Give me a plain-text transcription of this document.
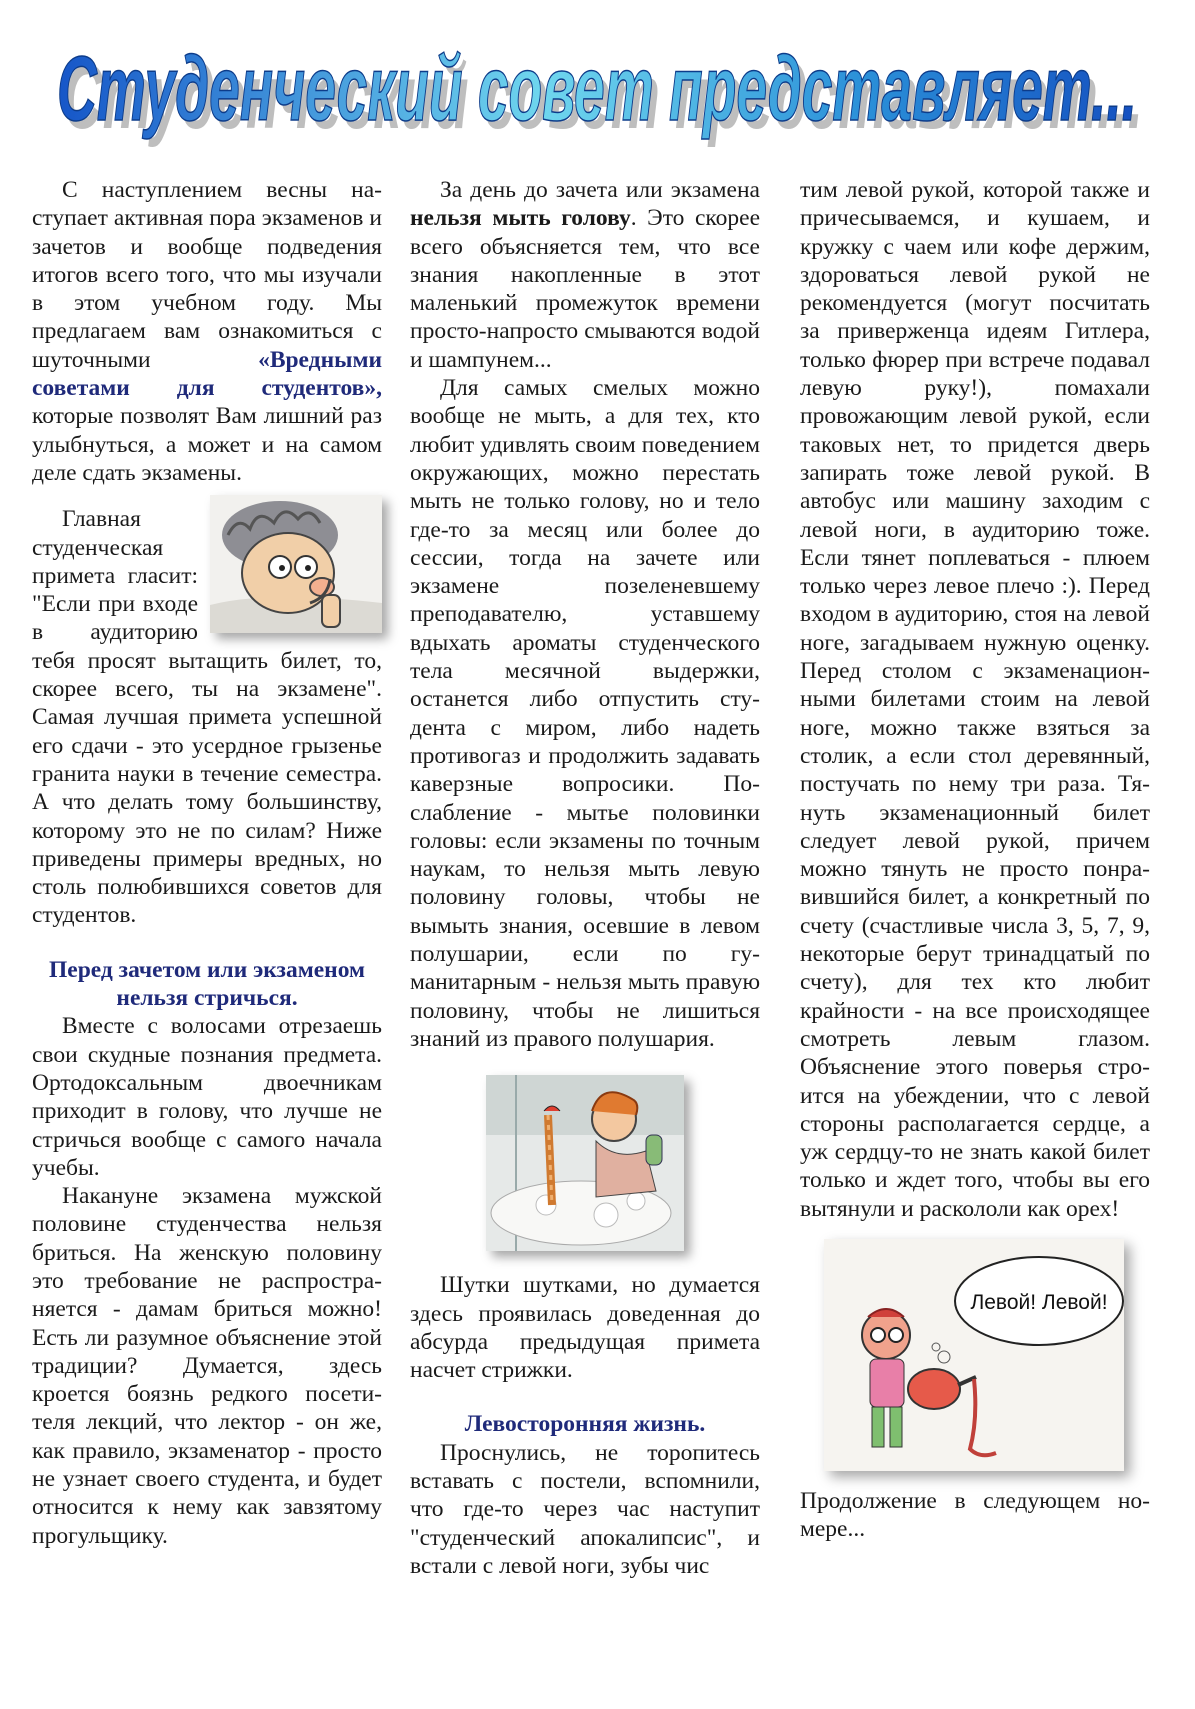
Студенческий совет представляет...
Студенческий совет представляет...

С наступлением весны наступает активная пора экзаменов и зачетов и вообще подведения итогов всего того, что мы изучали в этом учебном году. Мы предлагаем вам ознакомиться с шуточными «Вредными советами для студентов», которые позволят Вам лишний раз улыбнуться, а может и на самом деле сдать экзамены.

Главная студенческая примета гласит: "Если при входе в аудиторию тебя просят вытащить билет, то, скорее всего, ты на экзамене". Самая лучшая примета успешной его сдачи - это усердное грызенье гранита науки в течение семестра. А что делать тому большинству, которому это не по силам? Ниже приведены примеры вредных, но столь полюбившихся советов для студентов.

Перед зачетом или экзаменом нельзя стричься.

Вместе с волосами отрезаешь свои скудные познания предмета. Ортодоксальным двоечникам приходит в голову, что лучше не стричься вообще с самого начала учебы.

Накануне экзамена мужской половине студенчества нельзя бриться. На женскую половину это требование не распространяется - дамам бриться можно! Есть ли разумное объяснение этой традиции? Думается, здесь кроется боязнь редкого посетителя лекций, что лектор - он же, как правило, экзаменатор - просто не узнает своего студента, и будет относится к нему как завзятому прогульщику.

За день до зачета или экзамена нельзя мыть голову. Это скорее всего объясняется тем, что все знания накопленные в этот маленький промежуток времени просто-напросто смываются водой и шампунем...

Для самых смелых можно вообще не мыть, а для тех, кто любит удивлять своим поведением окружающих, можно перестать мыть не только голову, но и тело где-то за месяц или более до сессии, тогда на зачете или экзамене позеленевшему преподавателю, уставшему вдыхать ароматы студенческого тела месячной выдержки, останется либо отпустить студента с миром, либо надеть противогаз и продолжить задавать каверзные вопросики. Послабление - мытье половинки головы: если экзамены по точным наукам, то нельзя мыть левую половину головы, чтобы не вымыть знания, осевшие в левом полушарии, если по гуманитарным - нельзя мыть правую половину, чтобы не лишиться знаний из правого полушария.

Шутки шутками, но думается здесь проявилась доведенная до абсурда предыдущая примета насчет стрижки.

Левосторонняя жизнь.

Проснулись, не торопитесь вставать с постели, вспомнили, что где-то через час наступит "студенческий апокалипсис", и встали с левой ноги, зубы чис

тим левой рукой, которой также и причесываемся, и кушаем, и кружку с чаем или кофе держим, здороваться левой рукой не рекомендуется (могут посчитать за приверженца идеям Гитлера, только фюрер при встрече подавал левую руку!), помахали провожающим левой рукой, если таковых нет, то придется дверь запирать тоже левой рукой. В автобус или машину заходим с левой ноги, в аудиторию тоже. Если тянет поплеваться - плюем только через левое плечо :). Перед входом в аудиторию, стоя на левой ноге, загадываем нужную оценку. Перед столом с экзаменационными билетами стоим на левой ноге, можно также взяться за столик, а если стол деревянный, постучать по нему три раза. Тянуть экзаменационный билет следует левой рукой, причем можно тянуть не просто понравившийся билет, а конкретный по счету (счастливые числа 3, 5, 7, 9, некоторые берут тринадцатый по счету), для тех кто любит крайности - на все происходящее смотреть левым глазом. Объяснение этого поверья строится на убеждении, что с левой стороны располагается сердце, а уж сердцу-то не знать какой билет только и ждет того, чтобы вы его вытянули и раскололи как орех!

Левой! Левой!

Продолжение в следующем номере...
